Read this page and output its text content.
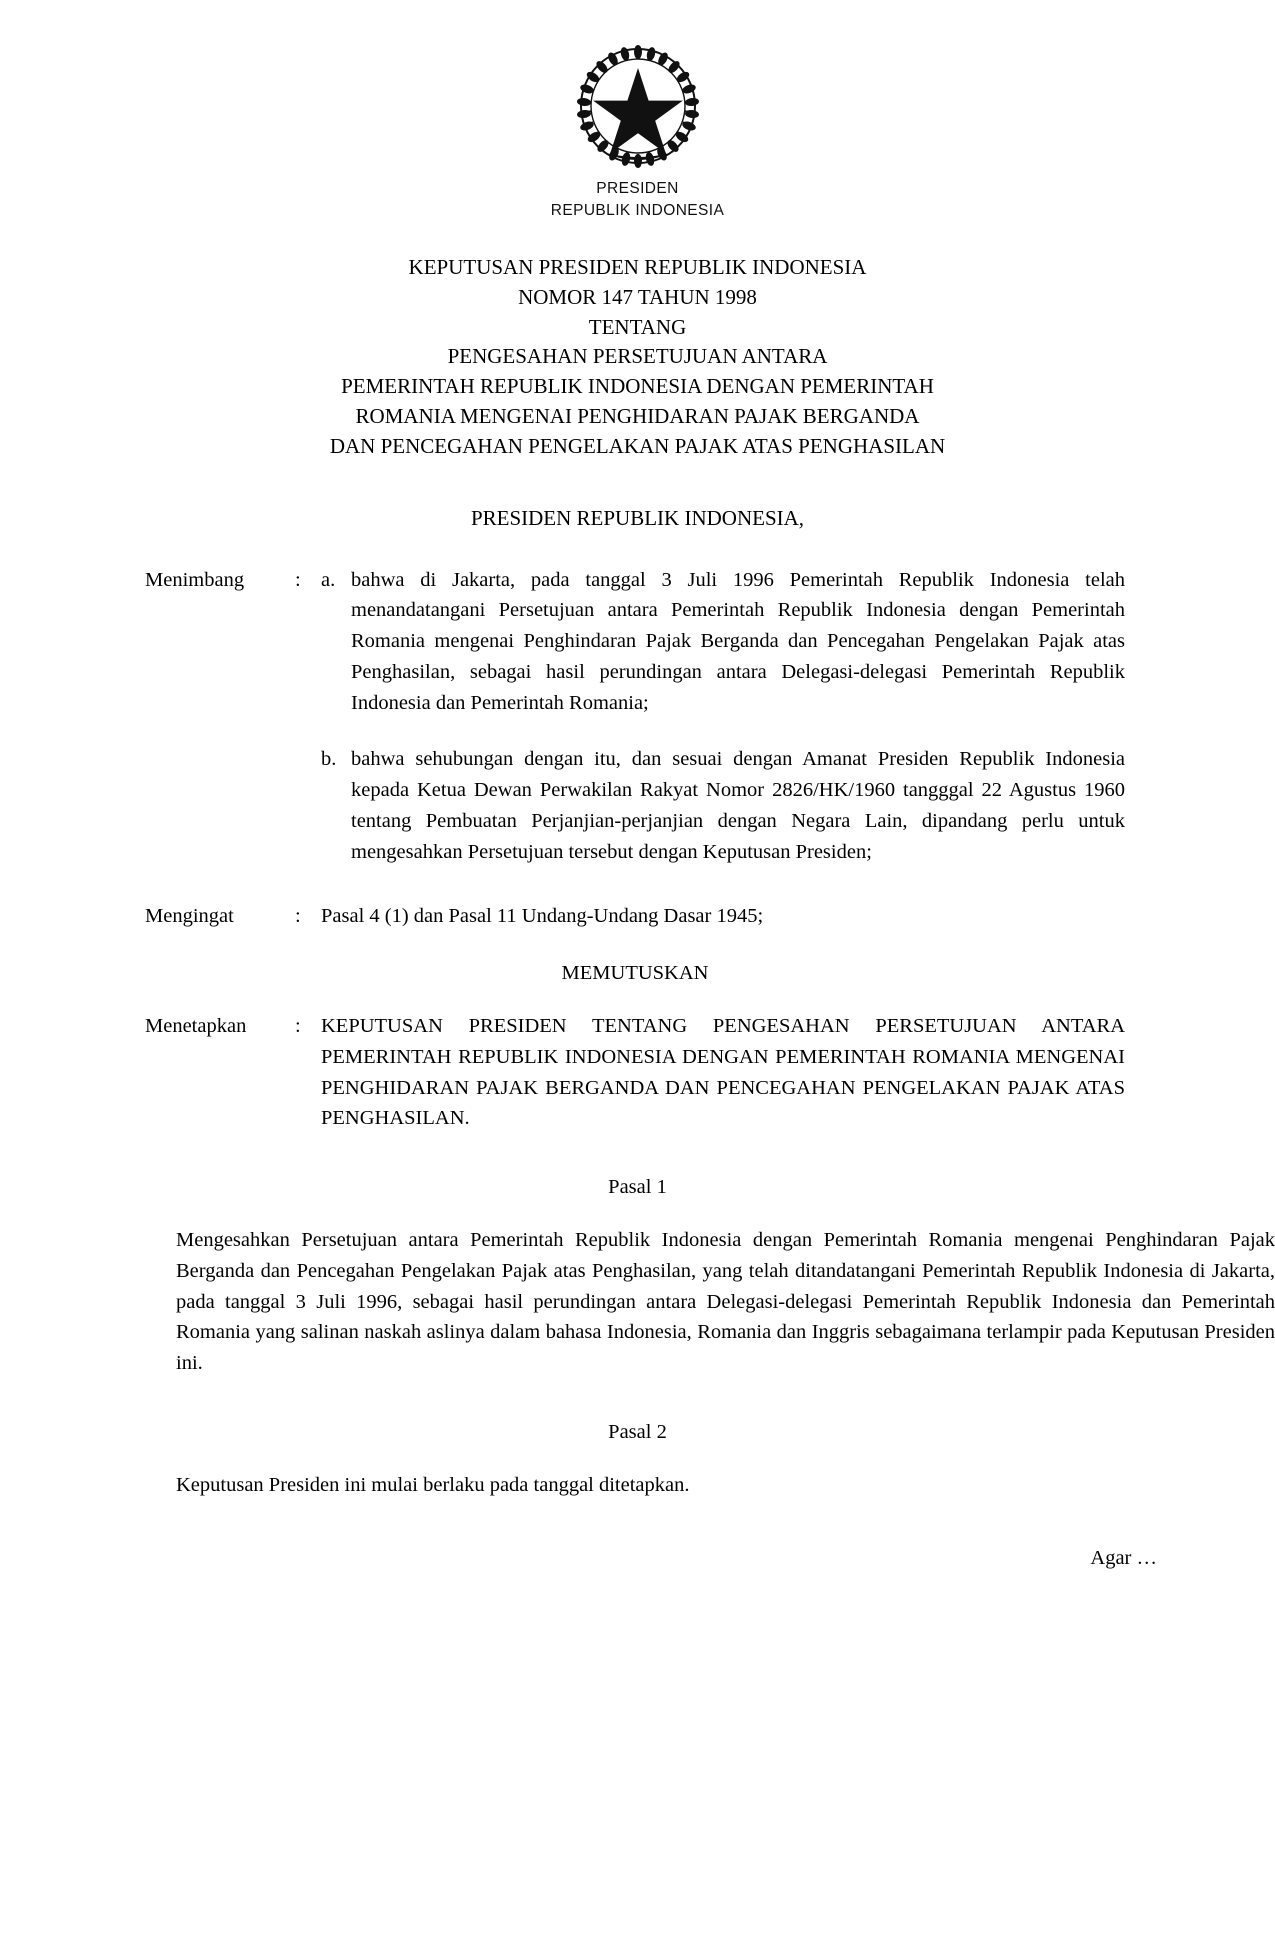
PRESIDEN
REPUBLIK INDONESIA
KEPUTUSAN PRESIDEN REPUBLIK INDONESIA
NOMOR 147 TAHUN 1998
TENTANG
PENGESAHAN PERSETUJUAN ANTARA
PEMERINTAH REPUBLIK INDONESIA DENGAN PEMERINTAH
ROMANIA MENGENAI PENGHIDARAN PAJAK BERGANDA
DAN PENCEGAHAN PENGELAKAN PAJAK ATAS PENGHASILAN
PRESIDEN REPUBLIK INDONESIA,
Menimbang	: a. bahwa di Jakarta, pada tanggal 3 Juli 1996 Pemerintah Republik Indonesia telah menandatangani Persetujuan antara Pemerintah Republik Indonesia dengan Pemerintah Romania mengenai Penghindaran Pajak Berganda dan Pencegahan Pengelakan Pajak atas Penghasilan, sebagai hasil perundingan antara Delegasi-delegasi Pemerintah Republik Indonesia dan Pemerintah Romania;
b. bahwa sehubungan dengan itu, dan sesuai dengan Amanat Presiden Republik Indonesia kepada Ketua Dewan Perwakilan Rakyat Nomor 2826/HK/1960 tangggal 22 Agustus 1960 tentang Pembuatan Perjanjian-perjanjian dengan Negara Lain, dipandang perlu untuk mengesahkan Persetujuan tersebut dengan Keputusan Presiden;
Mengingat	: Pasal 4 (1) dan Pasal 11 Undang-Undang Dasar 1945;
MEMUTUSKAN
Menetapkan	: KEPUTUSAN PRESIDEN TENTANG PENGESAHAN PERSETUJUAN ANTARA PEMERINTAH REPUBLIK INDONESIA DENGAN PEMERINTAH ROMANIA MENGENAI PENGHIDARAN PAJAK BERGANDA DAN PENCEGAHAN PENGELAKAN PAJAK ATAS PENGHASILAN.
Pasal 1
Mengesahkan Persetujuan antara Pemerintah Republik Indonesia dengan Pemerintah Romania mengenai Penghindaran Pajak Berganda dan Pencegahan Pengelakan Pajak atas Penghasilan, yang telah ditandatangani Pemerintah Republik Indonesia di Jakarta, pada tanggal 3 Juli 1996, sebagai hasil perundingan antara Delegasi-delegasi Pemerintah Republik Indonesia dan Pemerintah Romania yang salinan naskah aslinya dalam bahasa Indonesia, Romania dan Inggris sebagaimana terlampir pada Keputusan Presiden ini.
Pasal 2
Keputusan Presiden ini mulai berlaku pada tanggal ditetapkan.
Agar …
